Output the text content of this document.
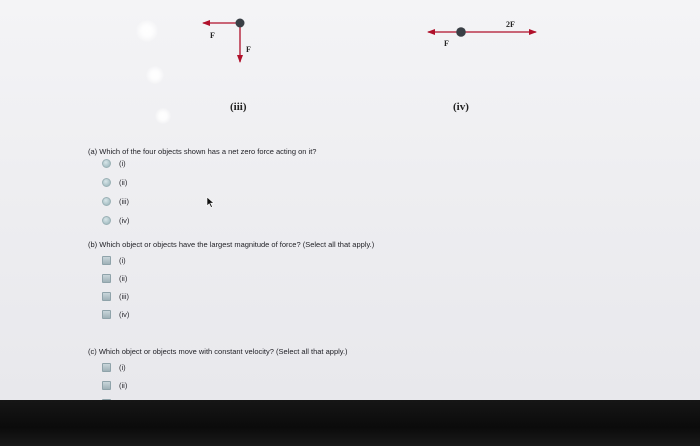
F⃗
F⃗
F⃗
2F⃗
(iii)	(iv)
(a) Which of the four objects shown has a net zero force acting on it?
(i)
(ii)
(iii)
(iv)
(b) Which object or objects have the largest magnitude of force? (Select all that apply.)
(i)
(ii)
(iii)
(iv)
(c) Which object or objects move with constant velocity? (Select all that apply.)
(i)
(ii)
